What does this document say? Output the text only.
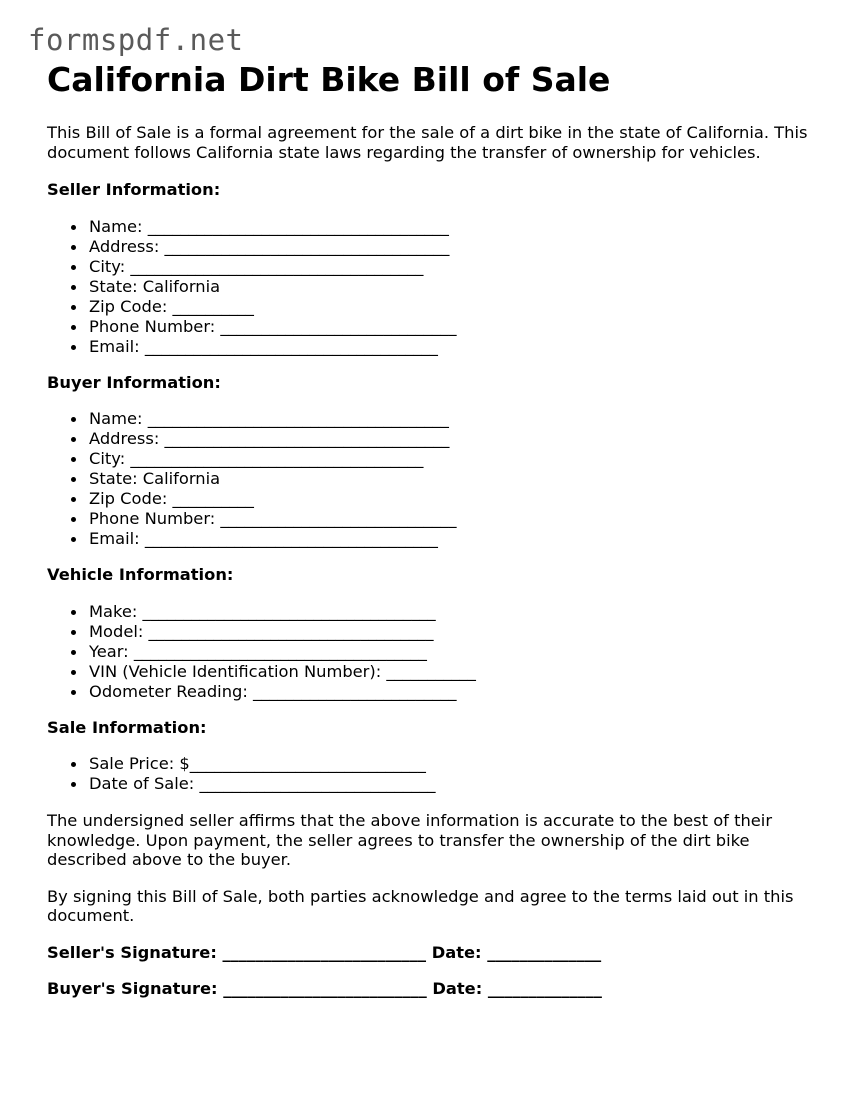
formspdf.net
California Dirt Bike Bill of Sale

This Bill of Sale is a formal agreement for the sale of a dirt bike in the state of California. This document follows California state laws regarding the transfer of ownership for vehicles.

Seller Information:
Name: _____________________________________
Address: ___________________________________
City: ____________________________________
State: California
Zip Code: __________
Phone Number: _____________________________
Email: ____________________________________
Buyer Information:
Name: _____________________________________
Address: ___________________________________
City: ____________________________________
State: California
Zip Code: __________
Phone Number: _____________________________
Email: ____________________________________
Vehicle Information:
Make: ____________________________________
Model: ___________________________________
Year: ____________________________________
VIN (Vehicle Identification Number): ___________
Odometer Reading: _________________________
Sale Information:
Sale Price: $_____________________________
Date of Sale: _____________________________

The undersigned seller affirms that the above information is accurate to the best of their knowledge. Upon payment, the seller agrees to transfer the ownership of the dirt bike described above to the buyer.

By signing this Bill of Sale, both parties acknowledge and agree to the terms laid out in this document.

Seller's Signature: _________________________ Date: ______________
Buyer's Signature: _________________________ Date: ______________
